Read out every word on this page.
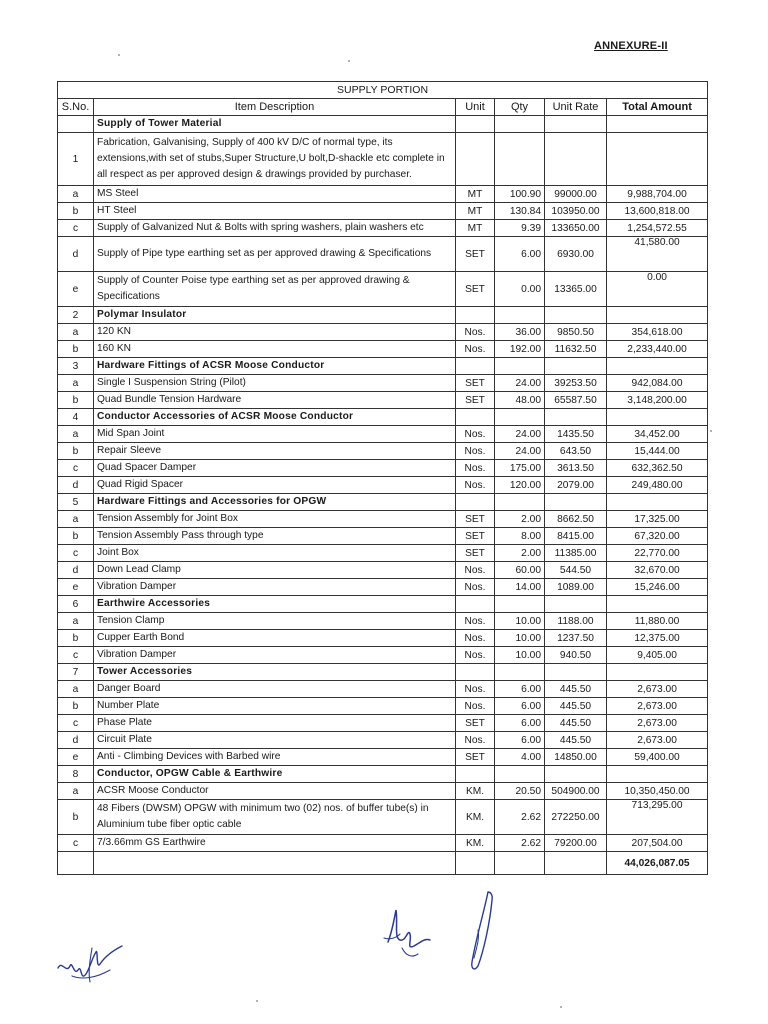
ANNEXURE-II
SUPPLY PORTION					
S.No.	Item Description	Unit	Qty	Unit Rate	Total Amount
	Supply of Tower Material				
1	Fabrication, Galvanising, Supply of 400 kV D/C of normal type, its extensions,with set of stubs,Super Structure,U bolt,D-shackle etc complete in all respect as per approved design & drawings provided by purchaser.				
a	MS Steel	MT	100.90	99000.00	9,988,704.00
b	HT Steel	MT	130.84	103950.00	13,600,818.00
c	Supply of Galvanized Nut & Bolts with spring washers, plain washers etc	MT	9.39	133650.00	1,254,572.55
d	Supply of Pipe type earthing set as per approved drawing & Specifications	SET	6.00	6930.00	41,580.00
e	Supply of Counter Poise type earthing set as per approved drawing & Specifications	SET	0.00	13365.00	0.00
2	Polymar Insulator				
a	120 KN	Nos.	36.00	9850.50	354,618.00
b	160 KN	Nos.	192.00	11632.50	2,233,440.00
3	Hardware Fittings of ACSR Moose Conductor				
a	Single I Suspension String (Pilot)	SET	24.00	39253.50	942,084.00
b	Quad Bundle Tension Hardware	SET	48.00	65587.50	3,148,200.00
4	Conductor Accessories of ACSR Moose Conductor				
a	Mid Span Joint	Nos.	24.00	1435.50	34,452.00
b	Repair Sleeve	Nos.	24.00	643.50	15,444.00
c	Quad Spacer Damper	Nos.	175.00	3613.50	632,362.50
d	Quad Rigid Spacer	Nos.	120.00	2079.00	249,480.00
5	Hardware Fittings and Accessories for OPGW				
a	Tension Assembly for Joint Box	SET	2.00	8662.50	17,325.00
b	Tension Assembly Pass through type	SET	8.00	8415.00	67,320.00
c	Joint Box	SET	2.00	11385.00	22,770.00
d	Down Lead Clamp	Nos.	60.00	544.50	32,670.00
e	Vibration Damper	Nos.	14.00	1089.00	15,246.00
6	Earthwire Accessories				
a	Tension Clamp	Nos.	10.00	1188.00	11,880.00
b	Cupper Earth Bond	Nos.	10.00	1237.50	12,375.00
c	Vibration Damper	Nos.	10.00	940.50	9,405.00
7	Tower Accessories				
a	Danger Board	Nos.	6.00	445.50	2,673.00
b	Number Plate	Nos.	6.00	445.50	2,673.00
c	Phase Plate	SET	6.00	445.50	2,673.00
d	Circuit Plate	Nos.	6.00	445.50	2,673.00
e	Anti - Climbing Devices with Barbed wire	SET	4.00	14850.00	59,400.00
8	Conductor, OPGW Cable & Earthwire				
a	ACSR Moose Conductor	KM.	20.50	504900.00	10,350,450.00
b	48 Fibers (DWSM) OPGW with minimum two (02) nos. of buffer tube(s) in Aluminium tube fiber optic cable	KM.	2.62	272250.00	713,295.00
c	7/3.66mm GS Earthwire	KM.	2.62	79200.00	207,504.00
					44,026,087.05
